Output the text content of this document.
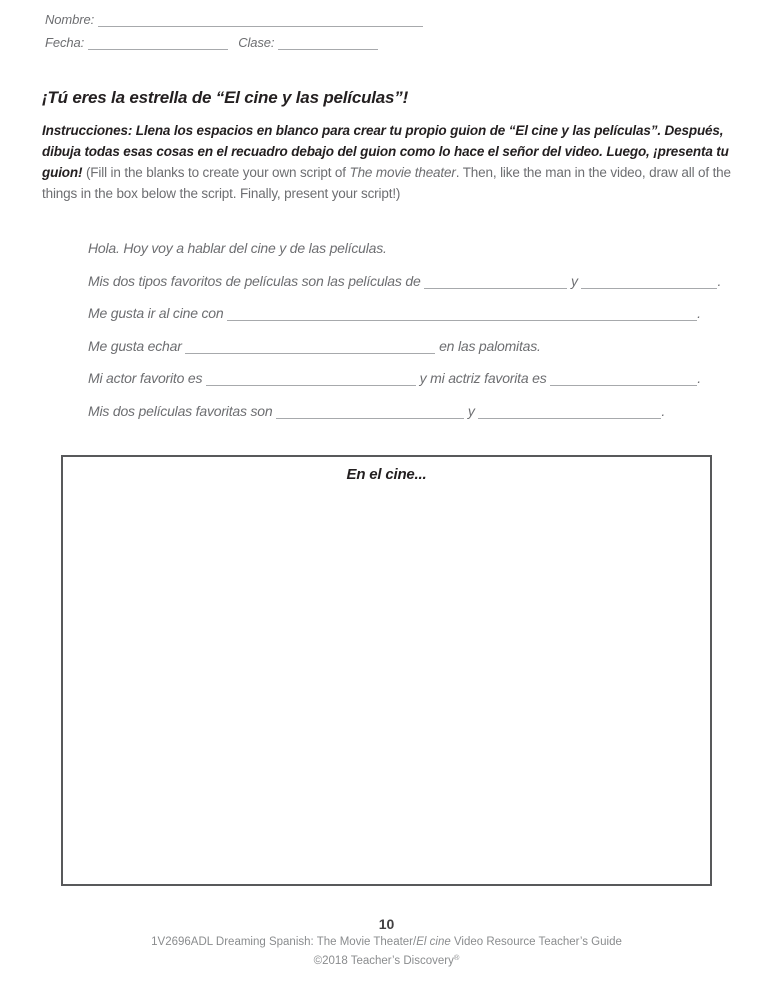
Nombre:
Fecha:	Clase:
¡Tú eres la estrella de “El cine y las películas”!

Instrucciones: Llena los espacios en blanco para crear tu propio guion de “El cine y las películas”. Después, dibuja todas esas cosas en el recuadro debajo del guion como lo hace el señor del video. Luego, ¡presenta tu guion! (Fill in the blanks to create your own script of The movie theater. Then, like the man in the video, draw all of the things in the box below the script. Finally, present your script!)

Hola. Hoy voy a hablar del cine y de las películas.
Mis dos tipos favoritos de películas son las películas de	y	.
Me gusta ir al cine con	.
Me gusta echar	en las palomitas.
Mi actor favorito es	y mi actriz favorita es	.
Mis dos películas favoritas son	y	.
En el cine...

10

1V2696ADL Dreaming Spanish: The Movie Theater/El cine Video Resource Teacher’s Guide

©2018 Teacher’s Discovery®
